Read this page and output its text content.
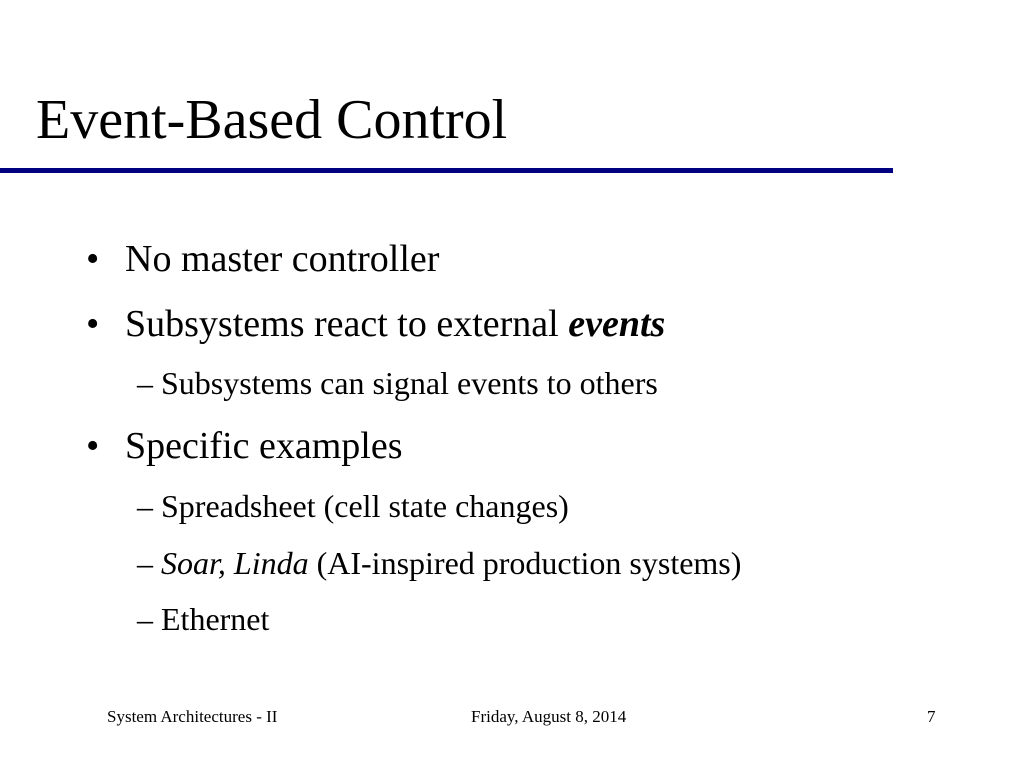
Event-Based Control
• No master controller
• Subsystems react to external events
– Subsystems can signal events to others
• Specific examples
– Spreadsheet (cell state changes)
– Soar, Linda (AI-inspired production systems)
– Ethernet
System Architectures - II	Friday, August 8, 2014	7
